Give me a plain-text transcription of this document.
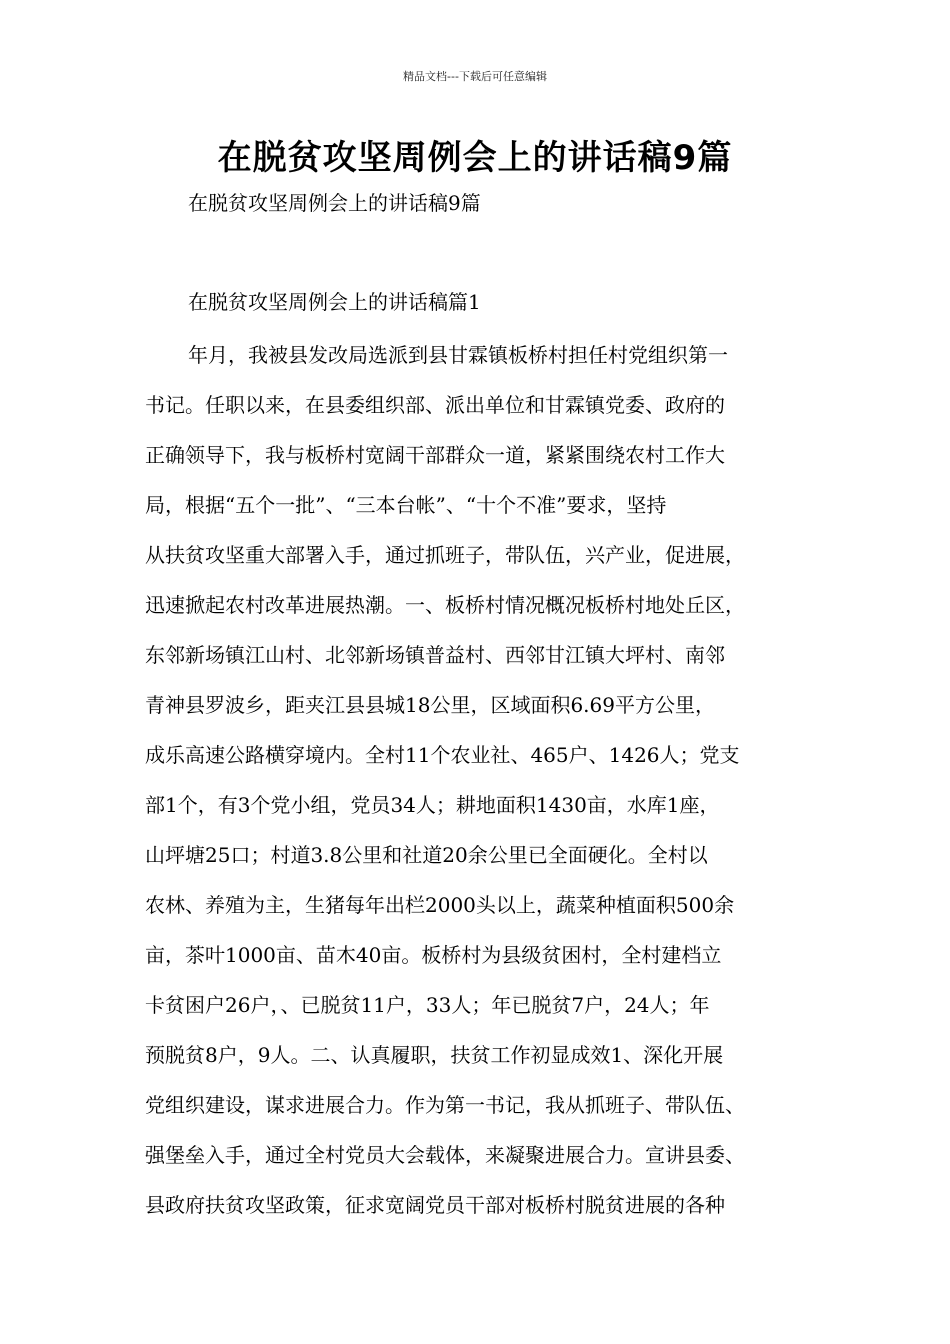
精品文档---下载后可任意编辑
在脱贫攻坚周例会上的讲话稿9篇
在脱贫攻坚周例会上的讲话稿9篇
在脱贫攻坚周例会上的讲话稿篇1
年月，我被县发改局选派到县甘霖镇板桥村担任村党组织第一
书记。任职以来，在县委组织部、派出单位和甘霖镇党委、政府的
正确领导下，我与板桥村宽阔干部群众一道，紧紧围绕农村工作大
局，根据“五个一批”、“三本台帐”、“十个不准”要求，坚持
从扶贫攻坚重大部署入手，通过抓班子，带队伍，兴产业，促进展，
迅速掀起农村改革进展热潮。一、板桥村情况概况板桥村地处丘区，
东邻新场镇江山村、北邻新场镇普益村、西邻甘江镇大坪村、南邻
青神县罗波乡，距夹江县县城18公里，区域面积6.69平方公里，
成乐高速公路横穿境内。全村11个农业社、465户、1426人；党支
部1个，有3个党小组，党员34人；耕地面积1430亩，水库1座，
山坪塘25口；村道3.8公里和社道20余公里已全面硬化。全村以
农林、养殖为主，生猪每年出栏2000头以上，蔬菜种植面积500余
亩，茶叶1000亩、苗木40亩。板桥村为县级贫困村，全村建档立
卡贫困户26户，、已脱贫11户，33人；年已脱贫7户，24人；年
预脱贫8户，9人。二、认真履职，扶贫工作初显成效1、深化开展
党组织建设，谋求进展合力。作为第一书记，我从抓班子、带队伍、
强堡垒入手，通过全村党员大会载体，来凝聚进展合力。宣讲县委、
县政府扶贫攻坚政策，征求宽阔党员干部对板桥村脱贫进展的各种
